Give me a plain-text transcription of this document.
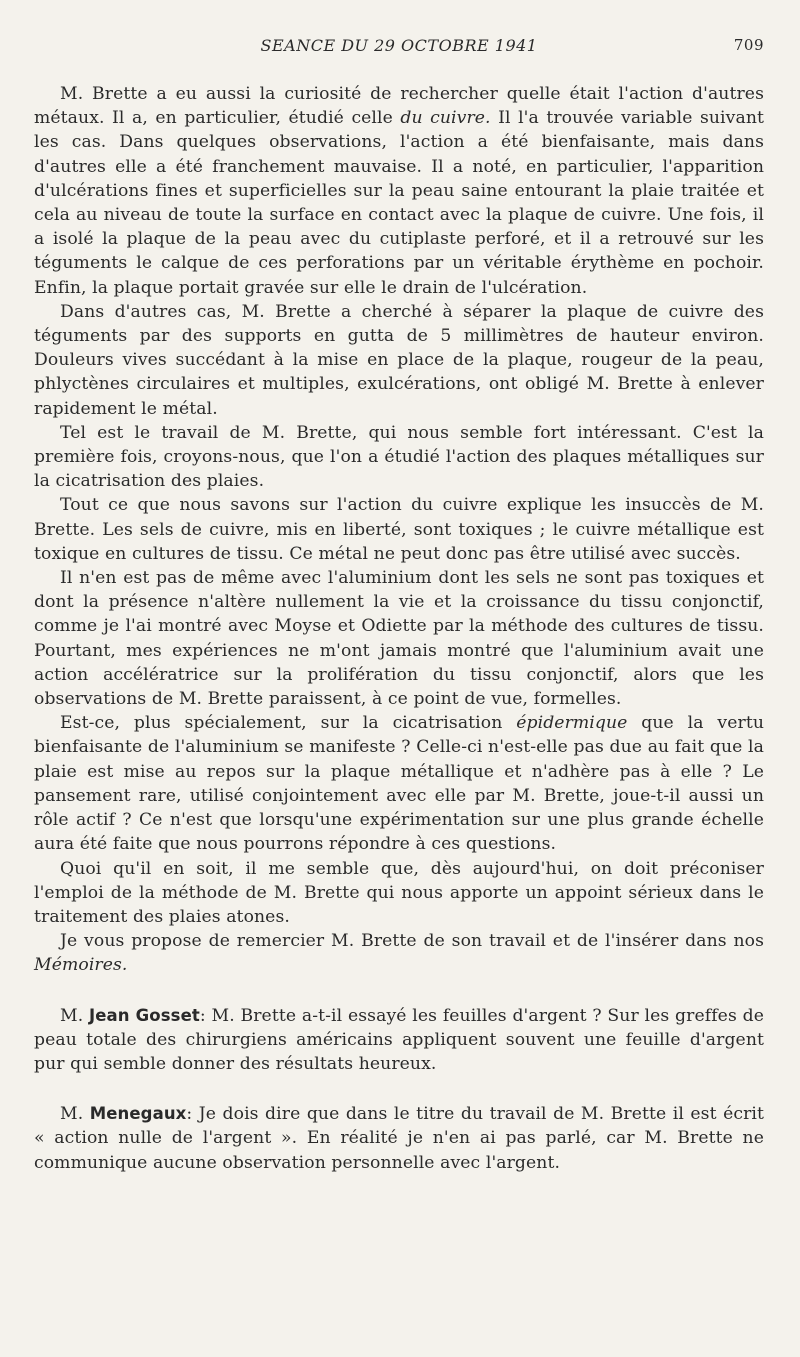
SEANCE DU 29 OCTOBRE 1941	709

M. Brette a eu aussi la curiosité de rechercher quelle était l'action d'autres métaux. Il a, en particulier, étudié celle du cuivre. Il l'a trouvée variable suivant les cas. Dans quelques observations, l'action a été bienfaisante, mais dans d'autres elle a été franchement mauvaise. Il a noté, en particulier, l'apparition d'ulcérations fines et superficielles sur la peau saine entourant la plaie traitée et cela au niveau de toute la surface en contact avec la plaque de cuivre. Une fois, il a isolé la plaque de la peau avec du cutiplaste perforé, et il a retrouvé sur les téguments le calque de ces perforations par un véritable érythème en pochoir. Enfin, la plaque portait gravée sur elle le drain de l'ulcération.

Dans d'autres cas, M. Brette a cherché à séparer la plaque de cuivre des téguments par des supports en gutta de 5 millimètres de hauteur environ. Douleurs vives succédant à la mise en place de la plaque, rougeur de la peau, phlyctènes circulaires et multiples, exulcérations, ont obligé M. Brette à enlever rapidement le métal.

Tel est le travail de M. Brette, qui nous semble fort intéressant. C'est la première fois, croyons-nous, que l'on a étudié l'action des plaques métalliques sur la cicatrisation des plaies.

Tout ce que nous savons sur l'action du cuivre explique les insuccès de M. Brette. Les sels de cuivre, mis en liberté, sont toxiques ; le cuivre métallique est toxique en cultures de tissu. Ce métal ne peut donc pas être utilisé avec succès.

Il n'en est pas de même avec l'aluminium dont les sels ne sont pas toxiques et dont la présence n'altère nullement la vie et la croissance du tissu conjonctif, comme je l'ai montré avec Moyse et Odiette par la méthode des cultures de tissu. Pourtant, mes expériences ne m'ont jamais montré que l'aluminium avait une action accélératrice sur la prolifération du tissu conjonctif, alors que les observations de M. Brette paraissent, à ce point de vue, formelles.

Est-ce, plus spécialement, sur la cicatrisation épidermique que la vertu bienfaisante de l'aluminium se manifeste ? Celle-ci n'est-elle pas due au fait que la plaie est mise au repos sur la plaque métallique et n'adhère pas à elle ? Le pansement rare, utilisé conjointement avec elle par M. Brette, joue-t-il aussi un rôle actif ? Ce n'est que lorsqu'une expérimentation sur une plus grande échelle aura été faite que nous pourrons répondre à ces questions.

Quoi qu'il en soit, il me semble que, dès aujourd'hui, on doit préconiser l'emploi de la méthode de M. Brette qui nous apporte un appoint sérieux dans le traitement des plaies atones.

Je vous propose de remercier M. Brette de son travail et de l'insérer dans nos Mémoires.

M. Jean Gosset: M. Brette a-t-il essayé les feuilles d'argent ? Sur les greffes de peau totale des chirurgiens américains appliquent souvent une feuille d'argent pur qui semble donner des résultats heureux.

M. Menegaux: Je dois dire que dans le titre du travail de M. Brette il est écrit « action nulle de l'argent ». En réalité je n'en ai pas parlé, car M. Brette ne communique aucune observation personnelle avec l'argent.
